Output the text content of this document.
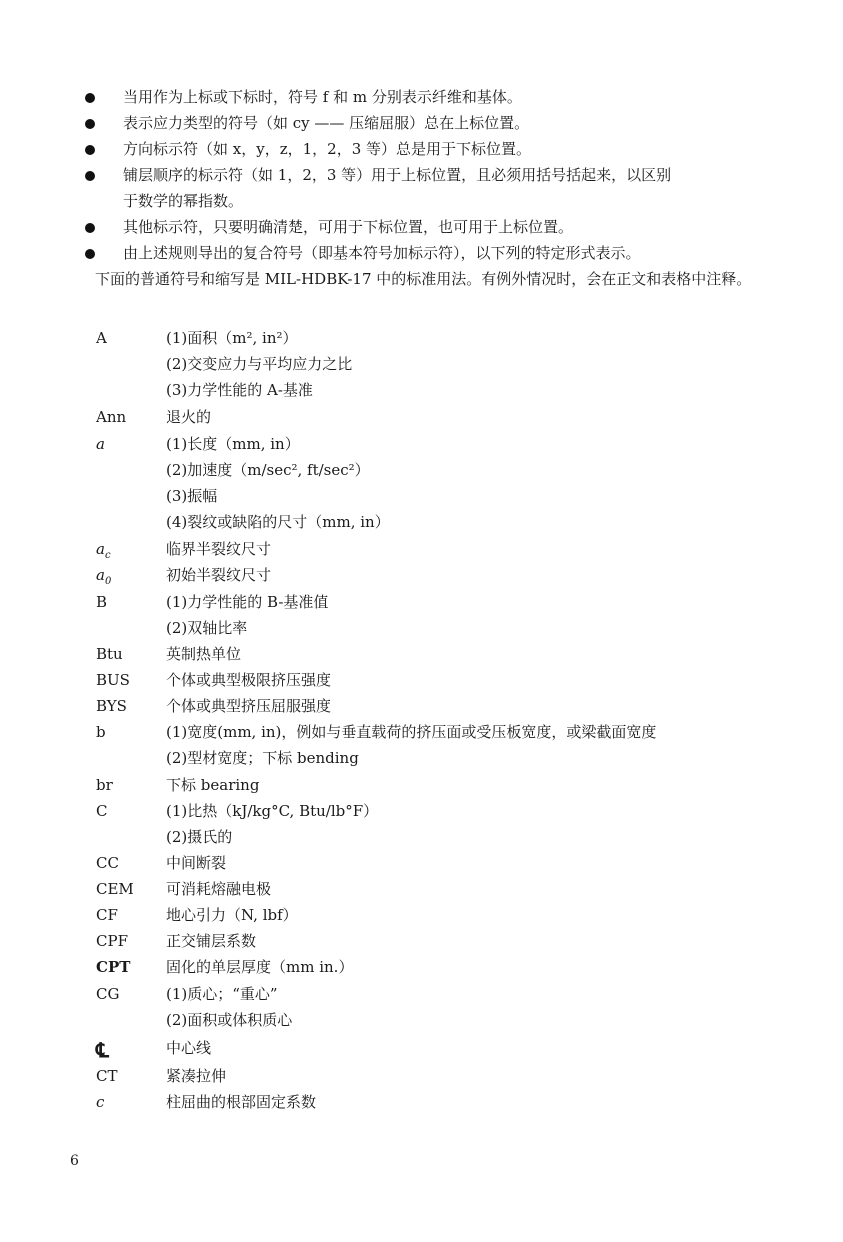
当用作为上标或下标时，符号 f 和 m 分别表示纤维和基体。
表示应力类型的符号（如 cy —— 压缩屈服）总在上标位置。
方向标示符（如 x，y，z，1，2，3 等）总是用于下标位置。
铺层顺序的标示符（如 1，2，3 等）用于上标位置，且必须用括号括起来，以区别
于数学的幂指数。
其他标示符，只要明确清楚，可用于下标位置，也可用于上标位置。
由上述规则导出的复合符号（即基本符号加标示符），以下列的特定形式表示。
下面的普通符号和缩写是 MIL-HDBK-17 中的标准用法。有例外情况时，会在正文和表格中注释。
A	(1)面积（m², in²）
(2)交变应力与平均应力之比
(3)力学性能的 A-基准
Ann	退火的
a	(1)长度（mm, in）
(2)加速度（m/sec², ft/sec²）
(3)振幅
(4)裂纹或缺陷的尺寸（mm, in）
$a_c$	临界半裂纹尺寸
$a_0$	初始半裂纹尺寸
B	(1)力学性能的 B-基准值
(2)双轴比率
Btu	英制热单位
BUS	个体或典型极限挤压强度
BYS	个体或典型挤压屈服强度
b	(1)宽度(mm, in)，例如与垂直载荷的挤压面或受压板宽度，或梁截面宽度
(2)型材宽度；下标 bending
br	下标 bearing
C	(1)比热（kJ/kg°C, Btu/lb°F）
(2)摄氏的
CC	中间断裂
CEM	可消耗熔融电极
CF	地心引力（N, lbf）
CPF	正交铺层系数
CPT	固化的单层厚度（mm in.）
CG	(1)质心；“重心”
(2)面积或体积质心
℄	中心线
CT	紧凑拉伸
c	柱屈曲的根部固定系数
6
